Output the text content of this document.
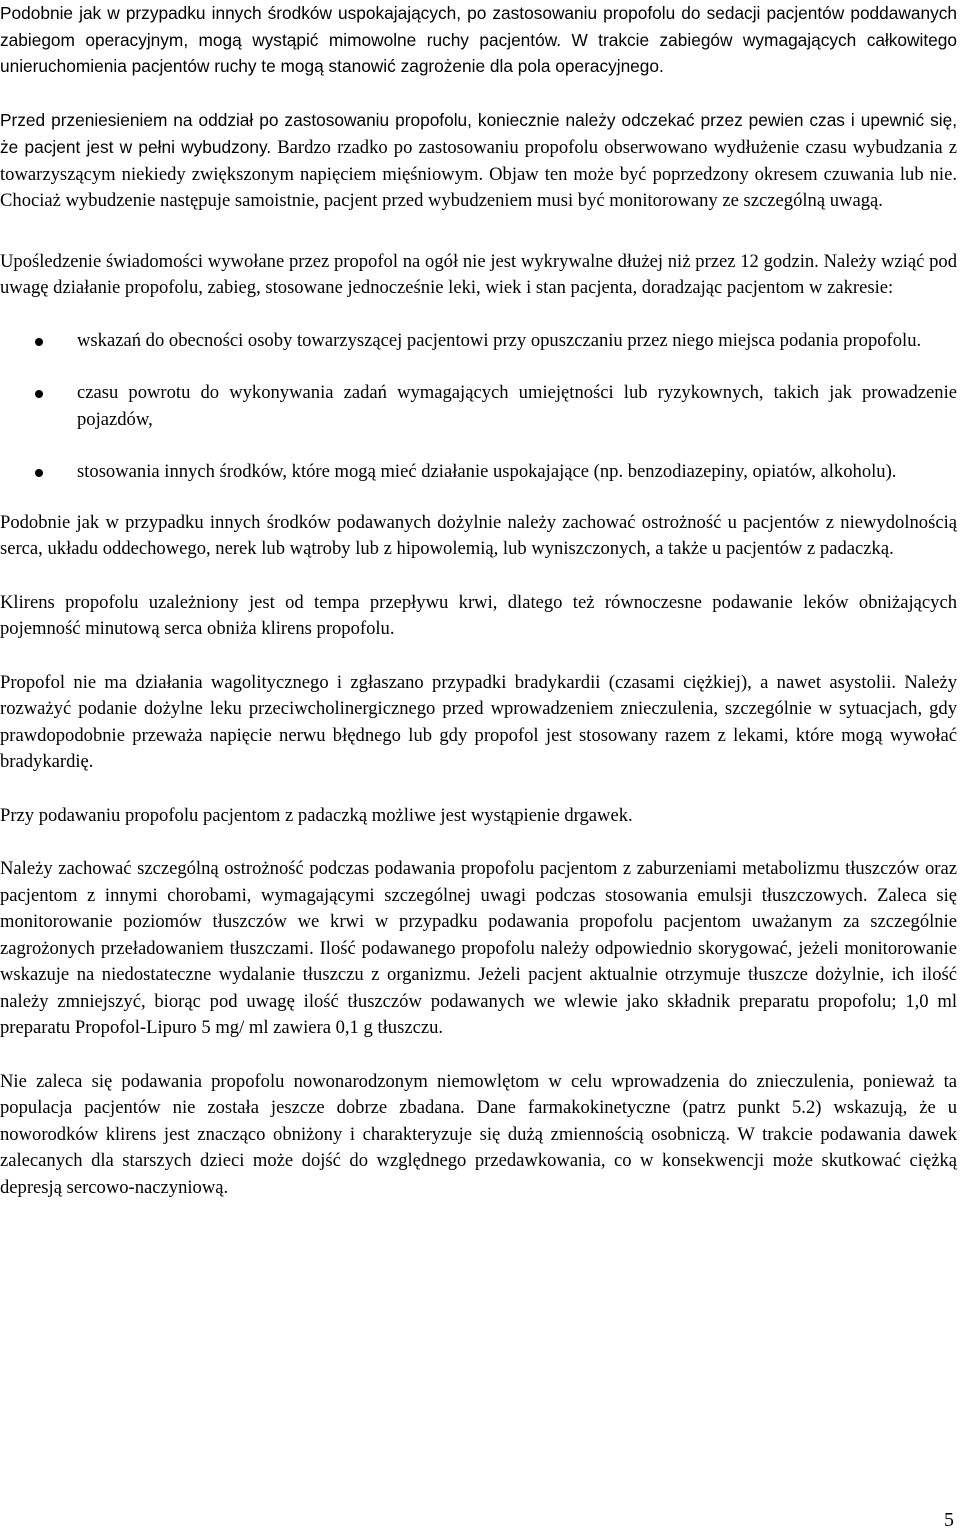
Podobnie jak w przypadku innych środków uspokajających, po zastosowaniu propofolu do sedacji pacjentów poddawanych zabiegom operacyjnym, mogą wystąpić mimowolne ruchy pacjentów. W trakcie zabiegów wymagających całkowitego unieruchomienia pacjentów ruchy te mogą stanowić zagrożenie dla pola operacyjnego.

Przed przeniesieniem na oddział po zastosowaniu propofolu, koniecznie należy odczekać przez pewien czas i upewnić się, że pacjent jest w pełni wybudzony. Bardzo rzadko po zastosowaniu propofolu obserwowano wydłużenie czasu wybudzania z towarzyszącym niekiedy zwiększonym napięciem mięśniowym. Objaw ten może być poprzedzony okresem czuwania lub nie. Chociaż wybudzenie następuje samoistnie, pacjent przed wybudzeniem musi być monitorowany ze szczególną uwagą.

Upośledzenie świadomości wywołane przez propofol na ogół nie jest wykrywalne dłużej niż przez 12 godzin. Należy wziąć pod uwagę działanie propofolu, zabieg, stosowane jednocześnie leki, wiek i stan pacjenta, doradzając pacjentom w zakresie:

wskazań do obecności osoby towarzyszącej pacjentowi przy opuszczaniu przez niego miejsca podania propofolu.

czasu powrotu do wykonywania zadań wymagających umiejętności lub ryzykownych, takich jak prowadzenie pojazdów,

stosowania innych środków, które mogą mieć działanie uspokajające (np. benzodiazepiny, opiatów, alkoholu).

Podobnie jak w przypadku innych środków podawanych dożylnie należy zachować ostrożność u pacjentów z niewydolnością serca, układu oddechowego, nerek lub wątroby lub z hipowolemią, lub wyniszczonych, a także u pacjentów z padaczką.

Klirens propofolu uzależniony jest od tempa przepływu krwi, dlatego też równoczesne podawanie leków obniżających pojemność minutową serca obniża klirens propofolu.

Propofol nie ma działania wagolitycznego i zgłaszano przypadki bradykardii (czasami ciężkiej), a nawet asystolii. Należy rozważyć podanie dożylne leku przeciwcholinergicznego przed wprowadzeniem znieczulenia, szczególnie w sytuacjach, gdy prawdopodobnie przeważa napięcie nerwu błędnego lub gdy propofol jest stosowany razem z lekami, które mogą wywołać bradykardię.

Przy podawaniu propofolu pacjentom z padaczką możliwe jest wystąpienie drgawek.

Należy zachować szczególną ostrożność podczas podawania propofolu pacjentom z zaburzeniami metabolizmu tłuszczów oraz pacjentom z innymi chorobami, wymagającymi szczególnej uwagi podczas stosowania emulsji tłuszczowych. Zaleca się monitorowanie poziomów tłuszczów we krwi w przypadku podawania propofolu pacjentom uważanym za szczególnie zagrożonych przeładowaniem tłuszczami. Ilość podawanego propofolu należy odpowiednio skorygować, jeżeli monitorowanie wskazuje na niedostateczne wydalanie tłuszczu z organizmu. Jeżeli pacjent aktualnie otrzymuje tłuszcze dożylnie, ich ilość należy zmniejszyć, biorąc pod uwagę ilość tłuszczów podawanych we wlewie jako składnik preparatu propofolu; 1,0 ml preparatu Propofol-Lipuro 5 mg/ ml zawiera 0,1 g tłuszczu.

Nie zaleca się podawania propofolu nowonarodzonym niemowlętom w celu wprowadzenia do znieczulenia, ponieważ ta populacja pacjentów nie została jeszcze dobrze zbadana. Dane farmakokinetyczne (patrz punkt 5.2) wskazują, że u noworodków klirens jest znacząco obniżony i charakteryzuje się dużą zmiennością osobniczą. W trakcie podawania dawek zalecanych dla starszych dzieci może dojść do względnego przedawkowania, co w konsekwencji może skutkować ciężką depresją sercowo-naczyniową.

5
